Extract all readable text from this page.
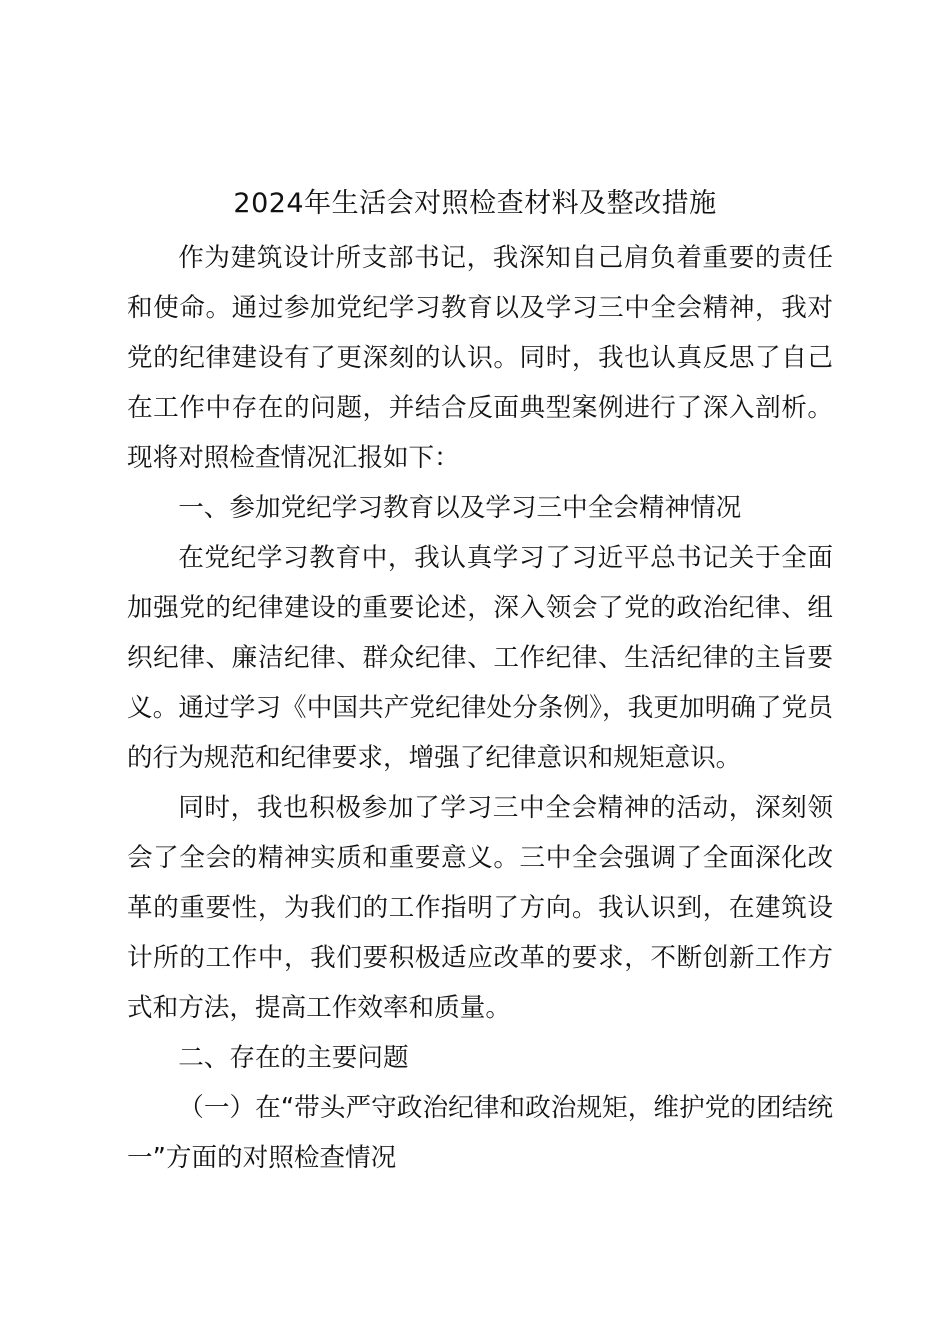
2024年生活会对照检查材料及整改措施

作为建筑设计所支部书记，我深知自己肩负着重要的责任和使命。通过参加党纪学习教育以及学习三中全会精神，我对党的纪律建设有了更深刻的认识。同时，我也认真反思了自己在工作中存在的问题，并结合反面典型案例进行了深入剖析。现将对照检查情况汇报如下：

一、参加党纪学习教育以及学习三中全会精神情况

在党纪学习教育中，我认真学习了习近平总书记关于全面加强党的纪律建设的重要论述，深入领会了党的政治纪律、组织纪律、廉洁纪律、群众纪律、工作纪律、生活纪律的主旨要义。通过学习《中国共产党纪律处分条例》，我更加明确了党员的行为规范和纪律要求，增强了纪律意识和规矩意识。

同时，我也积极参加了学习三中全会精神的活动，深刻领会了全会的精神实质和重要意义。三中全会强调了全面深化改革的重要性，为我们的工作指明了方向。我认识到，在建筑设计所的工作中，我们要积极适应改革的要求，不断创新工作方式和方法，提高工作效率和质量。

二、存在的主要问题

（一）在“带头严守政治纪律和政治规矩，维护党的团结统一”方面的对照检查情况
